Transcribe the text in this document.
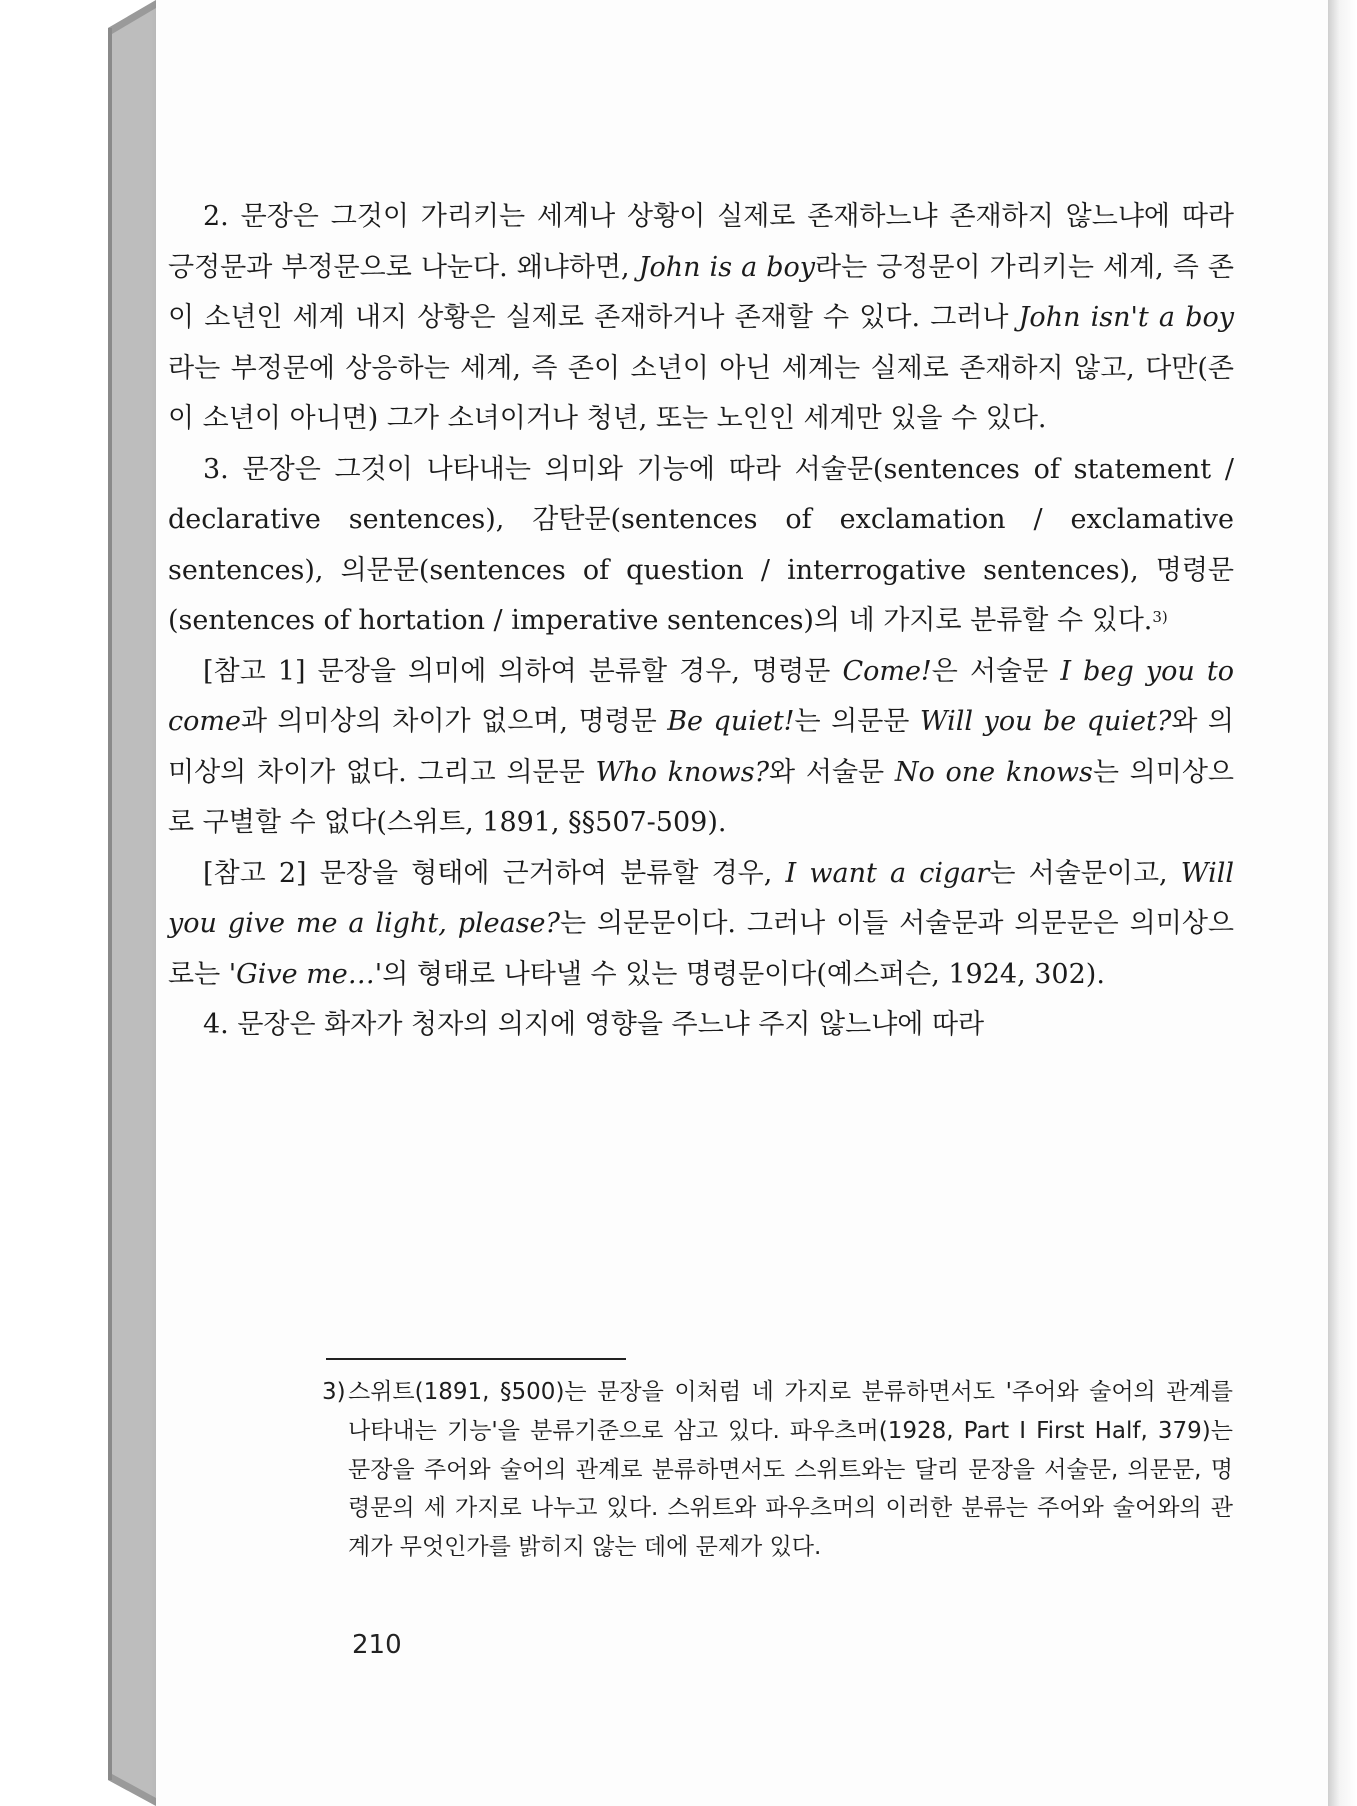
2. 문장은 그것이 가리키는 세계나 상황이 실제로 존재하느냐 존재하지 않느냐에 따라 긍정문과 부정문으로 나눈다. 왜냐하면, John is a boy라는 긍정문이 가리키는 세계, 즉 존이 소년인 세계 내지 상황은 실제로 존재하거나 존재할 수 있다. 그러나 John isn't a boy라는 부정문에 상응하는 세계, 즉 존이 소년이 아닌 세계는 실제로 존재하지 않고, 다만(존이 소년이 아니면) 그가 소녀이거나 청년, 또는 노인인 세계만 있을 수 있다.

3. 문장은 그것이 나타내는 의미와 기능에 따라 서술문(sentences of statement / declarative sentences), 감탄문(sentences of exclamation / exclamative sentences), 의문문(sentences of question / interrogative sentences), 명령문(sentences of hortation / imperative sentences)의 네 가지로 분류할 수 있다.$^{3)}$

[참고 1] 문장을 의미에 의하여 분류할 경우, 명령문 Come!은 서술문 I beg you to come과 의미상의 차이가 없으며, 명령문 Be quiet!는 의문문 Will you be quiet?와 의미상의 차이가 없다. 그리고 의문문 Who knows?와 서술문 No one knows는 의미상으로 구별할 수 없다(스위트, 1891, §§507-509).

[참고 2] 문장을 형태에 근거하여 분류할 경우, I want a cigar는 서술문이고, Will you give me a light, please?는 의문문이다. 그러나 이들 서술문과 의문문은 의미상으로는 'Give me…'의 형태로 나타낼 수 있는 명령문이다(예스퍼슨, 1924, 302).

4. 문장은 화자가 청자의 의지에 영향을 주느냐 주지 않느냐에 따라

3) 스위트(1891, §500)는 문장을 이처럼 네 가지로 분류하면서도 '주어와 술어의 관계를 나타내는 기능'을 분류기준으로 삼고 있다. 파우츠머(1928, Part I First Half, 379)는 문장을 주어와 술어의 관계로 분류하면서도 스위트와는 달리 문장을 서술문, 의문문, 명령문의 세 가지로 나누고 있다. 스위트와 파우츠머의 이러한 분류는 주어와 술어와의 관계가 무엇인가를 밝히지 않는 데에 문제가 있다.
210
